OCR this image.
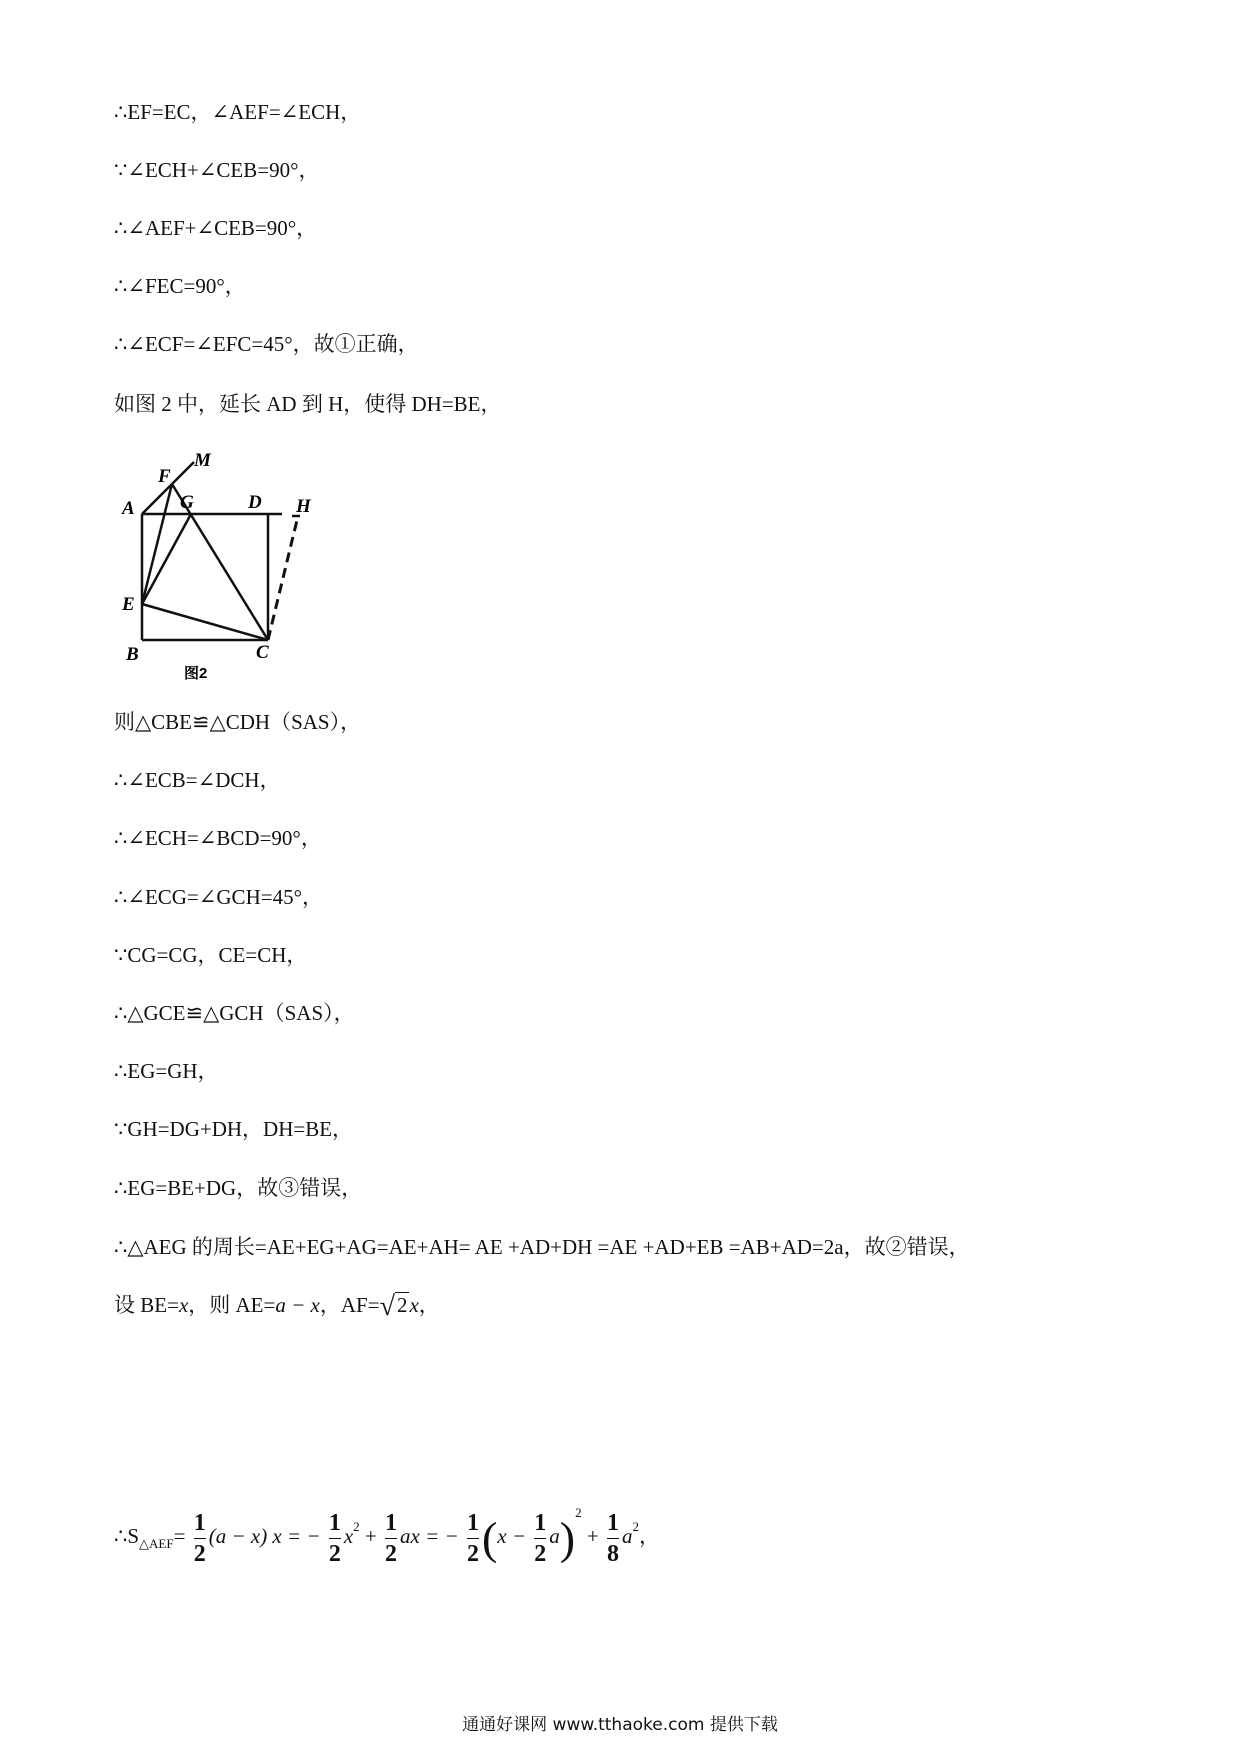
∴EF=EC，∠AEF=∠ECH，
∵∠ECH+∠CEB=90°，
∴∠AEF+∠CEB=90°，
∴∠FEC=90°，
∴∠ECF=∠EFC=45°，故①正确，
如图 2 中，延长 AD 到 H，使得 DH=BE，
M
F
G	D H
A
E
B	C
图2
则△CBE≌△CDH（SAS），
∴∠ECB=∠DCH，
∴∠ECH=∠BCD=90°，
∴∠ECG=∠GCH=45°，
∵CG=CG，CE=CH，
∴△GCE≌△GCH（SAS），
∴EG=GH，
∵GH=DG+DH，DH=BE，
∴EG=BE+DG，故③错误，
∴△AEG 的周长=AE+EG+AG=AE+AH= AE +AD+DH =AE +AD+EB =AB+AD=2a，故②错误，
设 BE=x，则 AE=a − x，AF=√2x，
$\therefore S_{\triangle AEF}= \frac{1}{2} (a - x) x$ = − $\frac{1}{2} x^2 + \frac{1}{2}$ ax = − $\frac{1}{2} (x - \frac{1}{2} a)^2 + \frac{1}{8} a^2$，
通通好课网 www.tthaoke.com 提供下载
